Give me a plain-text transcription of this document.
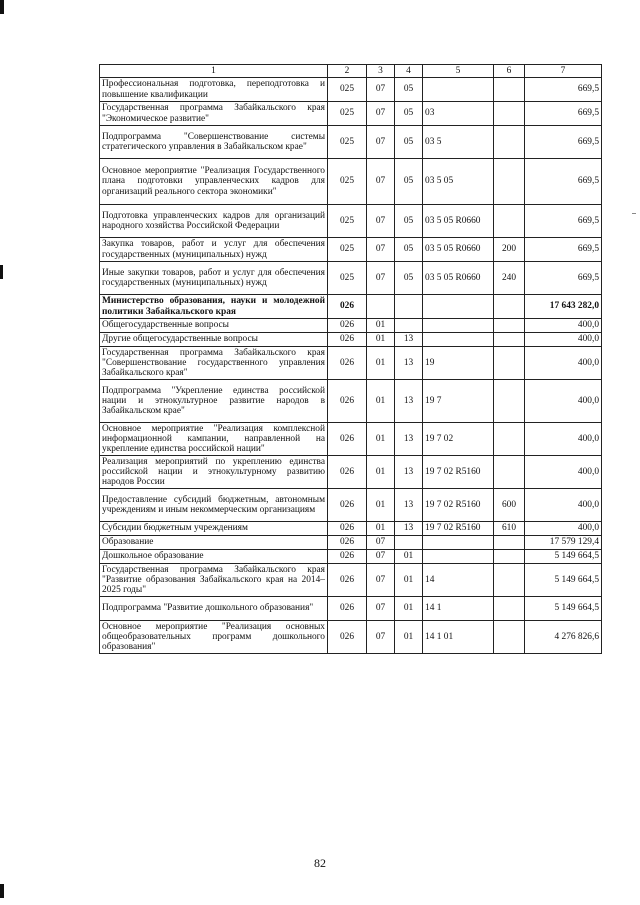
1	2	3	4	5	6	7
Профессиональная подготовка, переподготовка и повышение квалификации	025	07	05			669,5
Государственная программа Забайкальского края "Экономическое развитие"	025	07	05	03		669,5
Подпрограмма "Совершенствование системы стратегического управления в Забайкальском крае"	025	07	05	03 5		669,5
Основное мероприятие "Реализация Государственного плана подготовки управленческих кадров для организаций реального сектора экономики"	025	07	05	03 5 05		669,5
Подготовка управленческих кадров для организаций народного хозяйства Российской Федерации	025	07	05	03 5 05 R0660		669,5
Закупка товаров, работ и услуг для обеспечения государственных (муниципальных) нужд	025	07	05	03 5 05 R0660	200	669,5
Иные закупки товаров, работ и услуг для обеспечения государственных (муниципальных) нужд	025	07	05	03 5 05 R0660	240	669,5
Министерство образования, науки и молодежной политики Забайкальского края	026					17 643 282,0
Общегосударственные вопросы	026	01				400,0
Другие общегосударственные вопросы	026	01	13			400,0
Государственная программа Забайкальского края "Совершенствование государственного управления Забайкальского края"	026	01	13	19		400,0
Подпрограмма "Укрепление единства российской нации и этнокультурное развитие народов в Забайкальском крае"	026	01	13	19 7		400,0
Основное мероприятие "Реализация комплексной информационной кампании, направленной на укрепление единства российской нации"	026	01	13	19 7 02		400,0
Реализация мероприятий по укреплению единства российской нации и этнокультурному развитию народов России	026	01	13	19 7 02 R5160		400,0
Предоставление субсидий бюджетным, автономным учреждениям и иным некоммерческим организациям	026	01	13	19 7 02 R5160	600	400,0
Субсидии бюджетным учреждениям	026	01	13	19 7 02 R5160	610	400,0
Образование	026	07				17 579 129,4
Дошкольное образование	026	07	01			5 149 664,5
Государственная программа Забайкальского края "Развитие образования Забайкальского края на 2014–2025 годы"	026	07	01	14		5 149 664,5
Подпрограмма "Развитие дошкольного образования"	026	07	01	14 1		5 149 664,5
Основное мероприятие "Реализация основных общеобразовательных программ дошкольного образования"	026	07	01	14 1 01		4 276 826,6
82
